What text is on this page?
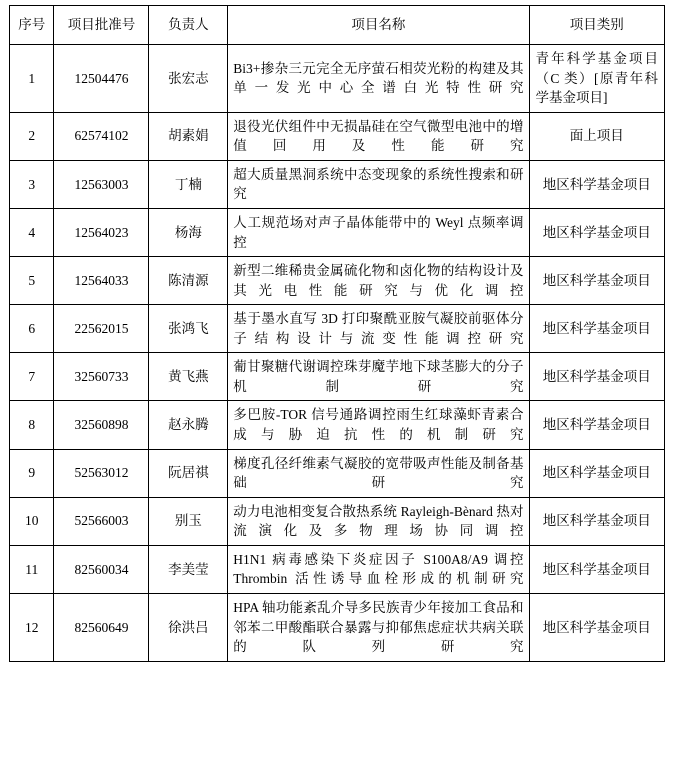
序号	项目批准号	负责人	项目名称	项目类别
1	12504476	张宏志	Bi3+掺杂三元完全无序萤石相荧光粉的构建及其单一发光中心全谱白光特性研究	青年科学基金项目（C 类）[原青年科学基金项目]
2	62574102	胡素娟	退役光伏组件中无损晶硅在空气微型电池中的增值回用及性能研究	面上项目
3	12563003	丁楠	超大质量黑洞系统中态变现象的系统性搜索和研究	地区科学基金项目
4	12564023	杨海	人工规范场对声子晶体能带中的 Weyl 点频率调控	地区科学基金项目
5	12564033	陈清源	新型二维稀贵金属硫化物和卤化物的结构设计及其光电性能研究与优化调控	地区科学基金项目
6	22562015	张鸿飞	基于墨水直写 3D 打印聚酰亚胺气凝胶前驱体分子结构设计与流变性能调控研究	地区科学基金项目
7	32560733	黄飞燕	葡甘聚糖代谢调控珠芽魔芋地下球茎膨大的分子机制研究	地区科学基金项目
8	32560898	赵永腾	多巴胺-TOR 信号通路调控雨生红球藻虾青素合成与胁迫抗性的机制研究	地区科学基金项目
9	52563012	阮居祺	梯度孔径纤维素气凝胶的宽带吸声性能及制备基础研究	地区科学基金项目
10	52566003	别玉	动力电池相变复合散热系统 Rayleigh-Bènard 热对流演化及多物理场协同调控	地区科学基金项目
11	82560034	李美莹	H1N1 病毒感染下炎症因子 S100A8/A9 调控 Thrombin 活性诱导血栓形成的机制研究	地区科学基金项目
12	82560649	徐洪吕	HPA 轴功能紊乱介导多民族青少年接加工食品和邻苯二甲酸酯联合暴露与抑郁焦虑症状共病关联的队列研究	地区科学基金项目
